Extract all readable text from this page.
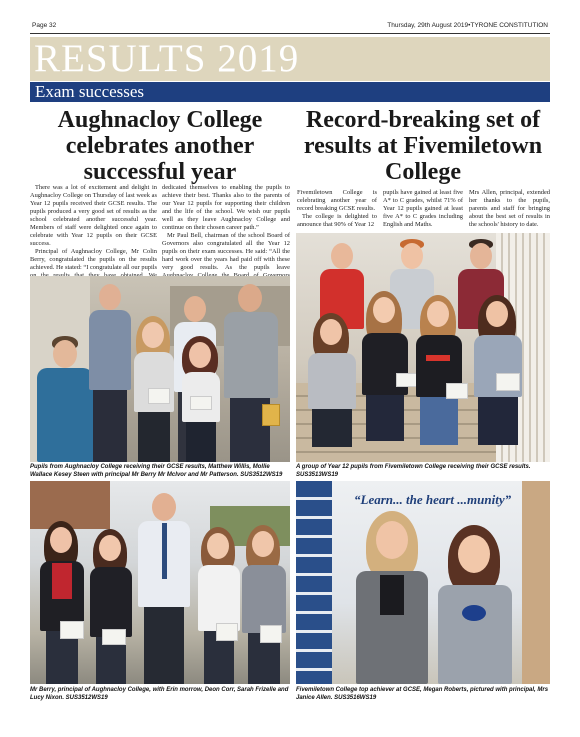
Page 32	Thursday, 29th August 2019•TYRONE CONSTITUTION
RESULTS 2019
Exam successes
Aughnacloy College celebrates another successful year
Record-breaking set of results at Fivemiletown College

There was a lot of excitement and delight in Aughnacloy College on Thursday of last week as Year 12 pupils received their GCSE results. The pupils produced a very good set of results as the school celebrated another successful year. Members of staff were delighted once again to celebrate with Year 12 pupils on their GCSE success.

Principal of Aughnacloy College, Mr Colin Berry, congratulated the pupils on the results achieved. He stated: “I congratulate all our pupils

dedicated themselves to enabling the pupils to achieve their best. Thanks also to the parents of our Year 12 pupils for supporting their children and the life of the school. We wish our pupils well as they leave Aughnacloy College and continue on their chosen career path.”

Mr Paul Bell, chairman of the school Board of Governors also congratulated all the Year 12 pupils on their exam successes. He said: “All the hard work over the years had paid off with these very good results. As the pupils leave

Fivemiletown College is celebrating another year of record breaking GCSE results.

The college is delighted to announce that 90% of Year 12

pupils have gained at least five A* to C grades, whilst 71% of Year 12 pupils gained at least five A* to C grades including English and Maths.

Mrs Allen, principal, extended her thanks to the pupils, parents and staff for bringing about the best set of results in the schools' history to date.

Pupils from Aughnacloy College receiving their GCSE results, Matthew Willis, Mollie Wallace Kesey Steen with principal Mr Berry Mr McIvor and Mr Patterson. SUS3512WS19
Mr Berry, principal of Aughnacloy College, with Erin morrow, Deon Corr, Sarah Frizelle and Lucy Nixon. SUS3512WS19
A group of Year 12 pupils from Fivemiletown College receiving their GCSE results. SUS3513WS19
“Learn... the heart ...munity”
Fivemiletown College top achiever at GCSE, Megan Roberts, pictured with principal, Mrs Janice Allen. SUS3516WS19
